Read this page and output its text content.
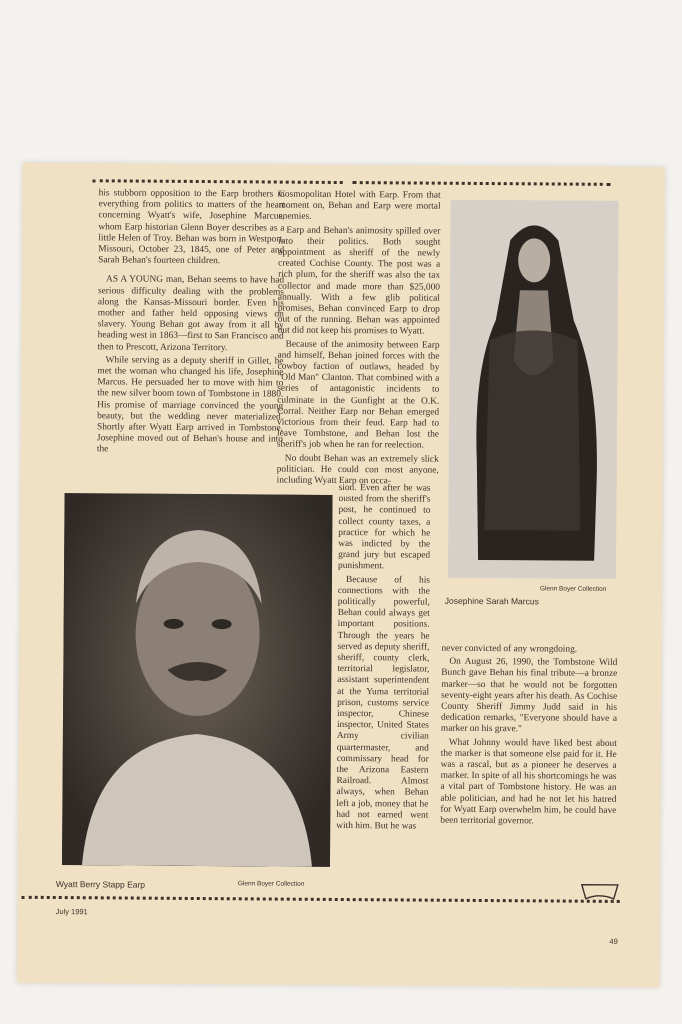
his stubborn opposition to the Earp brothers in everything from politics to matters of the heart concerning Wyatt's wife, Josephine Marcus, whom Earp historian Glenn Boyer describes as a little Helen of Troy. Behan was born in Westport, Missouri, October 23, 1845, one of Peter and Sarah Behan's fourteen children.

AS A YOUNG man, Behan seems to have had serious difficulty dealing with the problems along the Kansas-Missouri border. Even his mother and father held opposing views on slavery. Young Behan got away from it all by heading west in 1863—first to San Francisco and then to Prescott, Arizona Territory.

While serving as a deputy sheriff in Gillet, he met the woman who changed his life, Josephine Marcus. He persuaded her to move with him to the new silver boom town of Tombstone in 1880. His promise of marriage convinced the young beauty, but the wedding never materialized. Shortly after Wyatt Earp arrived in Tombstone, Josephine moved out of Behan's house and into the

Cosmopolitan Hotel with Earp. From that moment on, Behan and Earp were mortal enemies.

Earp and Behan's animosity spilled over into their politics. Both sought appointment as sheriff of the newly created Cochise County. The post was a rich plum, for the sheriff was also the tax collector and made more than $25,000 annually. With a few glib political promises, Behan convinced Earp to drop out of the running. Behan was appointed but did not keep his promises to Wyatt.

Because of the animosity between Earp and himself, Behan joined forces with the cowboy faction of outlaws, headed by "Old Man" Clanton. That combined with a series of antagonistic incidents to culminate in the Gunfight at the O.K. Corral. Neither Earp nor Behan emerged victorious from their feud. Earp had to leave Tombstone, and Behan lost the sheriff's job when he ran for reelection.

No doubt Behan was an extremely slick politician. He could con most anyone, including Wyatt Earp on occa-

sion. Even after he was ousted from the sheriff's post, he continued to collect county taxes, a practice for which he was indicted by the grand jury but escaped punishment.

Because of his connections with the politically powerful, Behan could always get important positions. Through the years he served as deputy sheriff, sheriff, county clerk, territorial legislator, assistant superintendent at the Yuma territorial prison, customs service inspector, Chinese inspector, United States Army civilian quartermaster, and commissary head for the Arizona Eastern Railroad. Almost always, when Behan left a job, money that he had not earned went with him. But he was

Glenn Boyer Collection
Josephine Sarah Marcus
Wyatt Berry Stapp Earp	Glenn Boyer Collection

never convicted of any wrongdoing.

On August 26, 1990, the Tombstone Wild Bunch gave Behan his final tribute—a bronze marker—so that he would not be forgotten seventy-eight years after his death. As Cochise County Sheriff Jimmy Judd said in his dedication remarks, "Everyone should have a marker on his grave."

What Johnny would have liked best about the marker is that someone else paid for it. He was a rascal, but as a pioneer he deserves a marker. In spite of all his shortcomings he was a vital part of Tombstone history. He was an able politician, and had he not let his hatred for Wyatt Earp overwhelm him, he could have been territorial governor.

July 1991
49
